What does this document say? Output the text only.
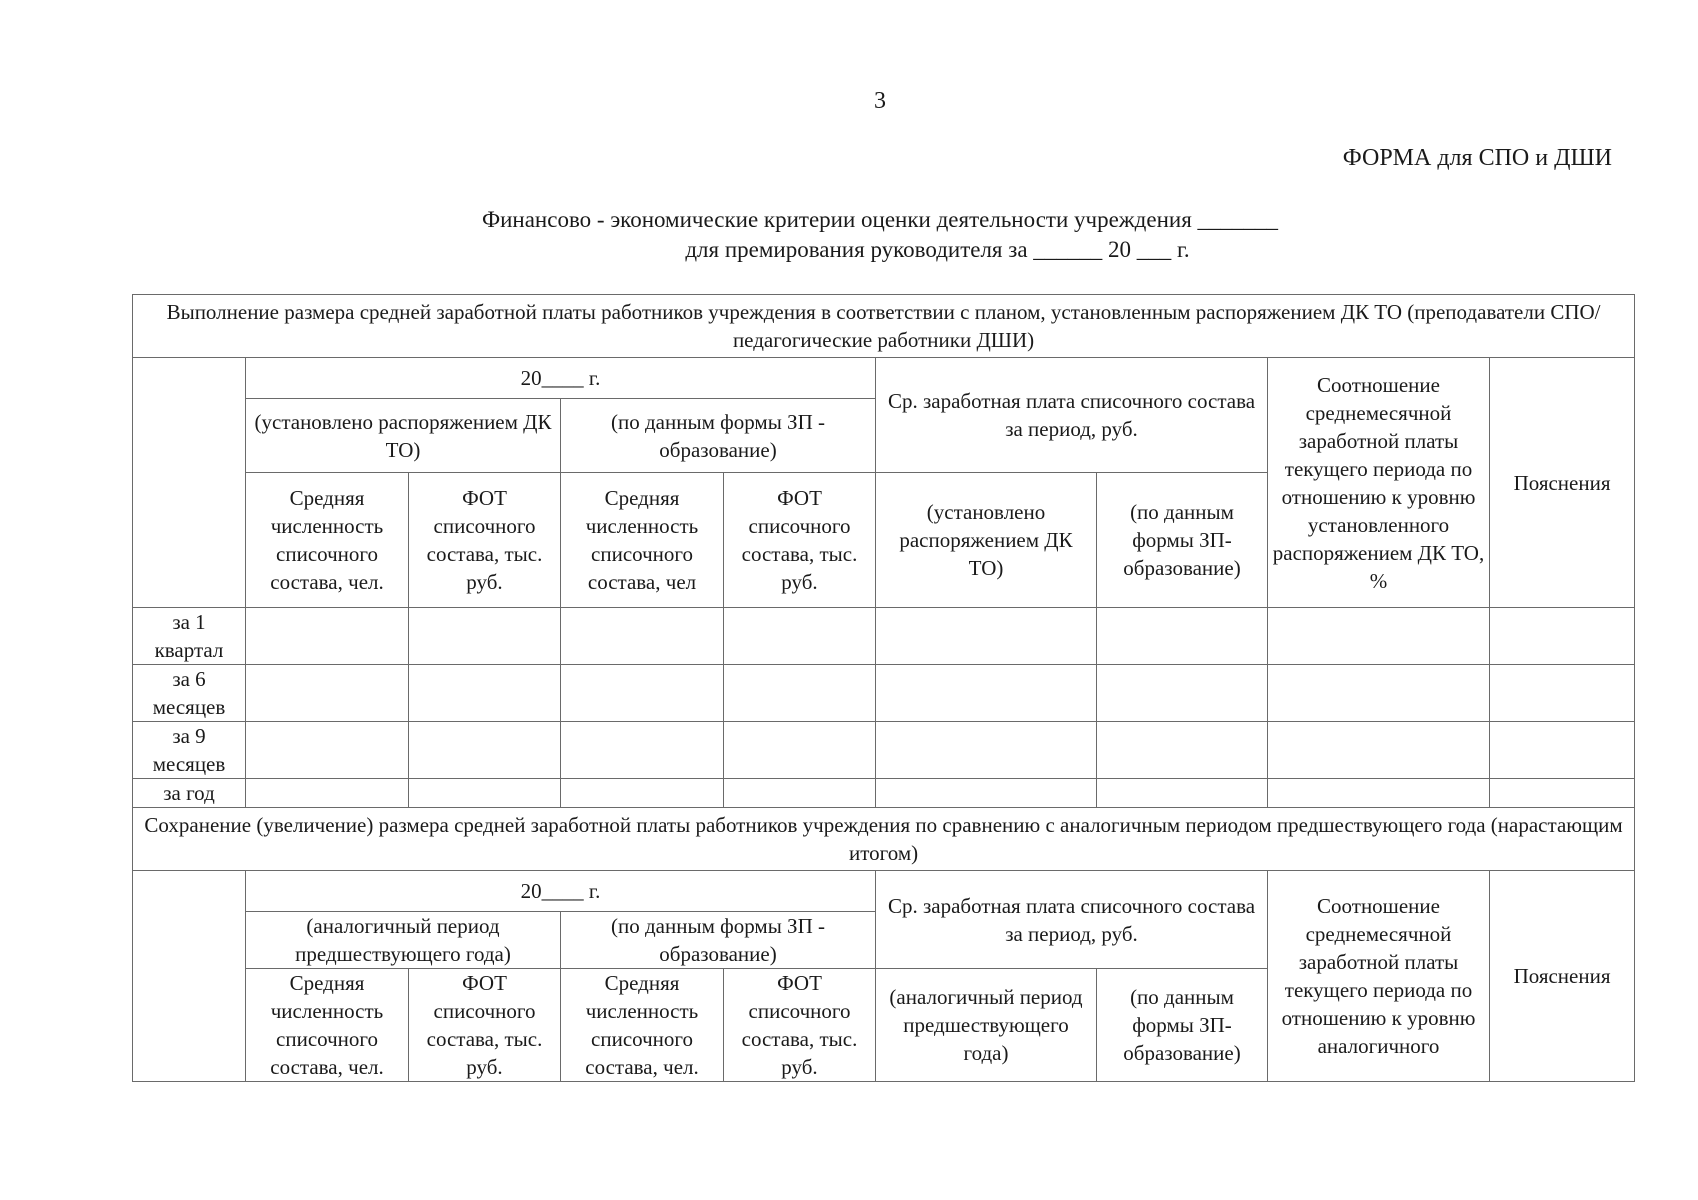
3
ФОРМА для СПО и ДШИ
Финансово - экономические критерии оценки деятельности учреждения _______
для премирования руководителя за ______ 20 ___ г.
Выполнение размера средней заработной платы работников учреждения в соответствии с планом, установленным распоряжением ДК ТО (преподаватели СПО/педагогические работники ДШИ)								
	20____ г.				Ср. заработная плата списочного состава за период, руб.		Соотношение среднемесячной заработной платы текущего периода по отношению к уровню установленного распоряжением ДК ТО, %	Пояснения
	(установлено распоряжением ДК ТО)		(по данным формы ЗП - образование)					
	Средняя численность списочного состава, чел.	ФОТ списочного состава, тыс. руб.	Средняя численность списочного состава, чел	ФОТ списочного состава, тыс. руб.	(установлено распоряжением ДК ТО)	(по данным формы ЗП- образование)		
за 1 квартал								
за 6 месяцев								
за 9 месяцев								
за год								
Сохранение (увеличение) размера средней заработной платы работников учреждения по сравнению с аналогичным периодом предшествующего года (нарастающим итогом)								
	20____ г.				Ср. заработная плата списочного состава за период, руб.		Соотношение среднемесячной заработной платы текущего периода по отношению к уровню аналогичного	Пояснения
	(аналогичный период предшествующего года)		(по данным формы ЗП - образование)					
	Средняя численность списочного состава, чел.	ФОТ списочного состава, тыс. руб.	Средняя численность списочного состава, чел.	ФОТ списочного состава, тыс. руб.	(аналогичный период предшествующего года)	(по данным формы ЗП- образование)		
